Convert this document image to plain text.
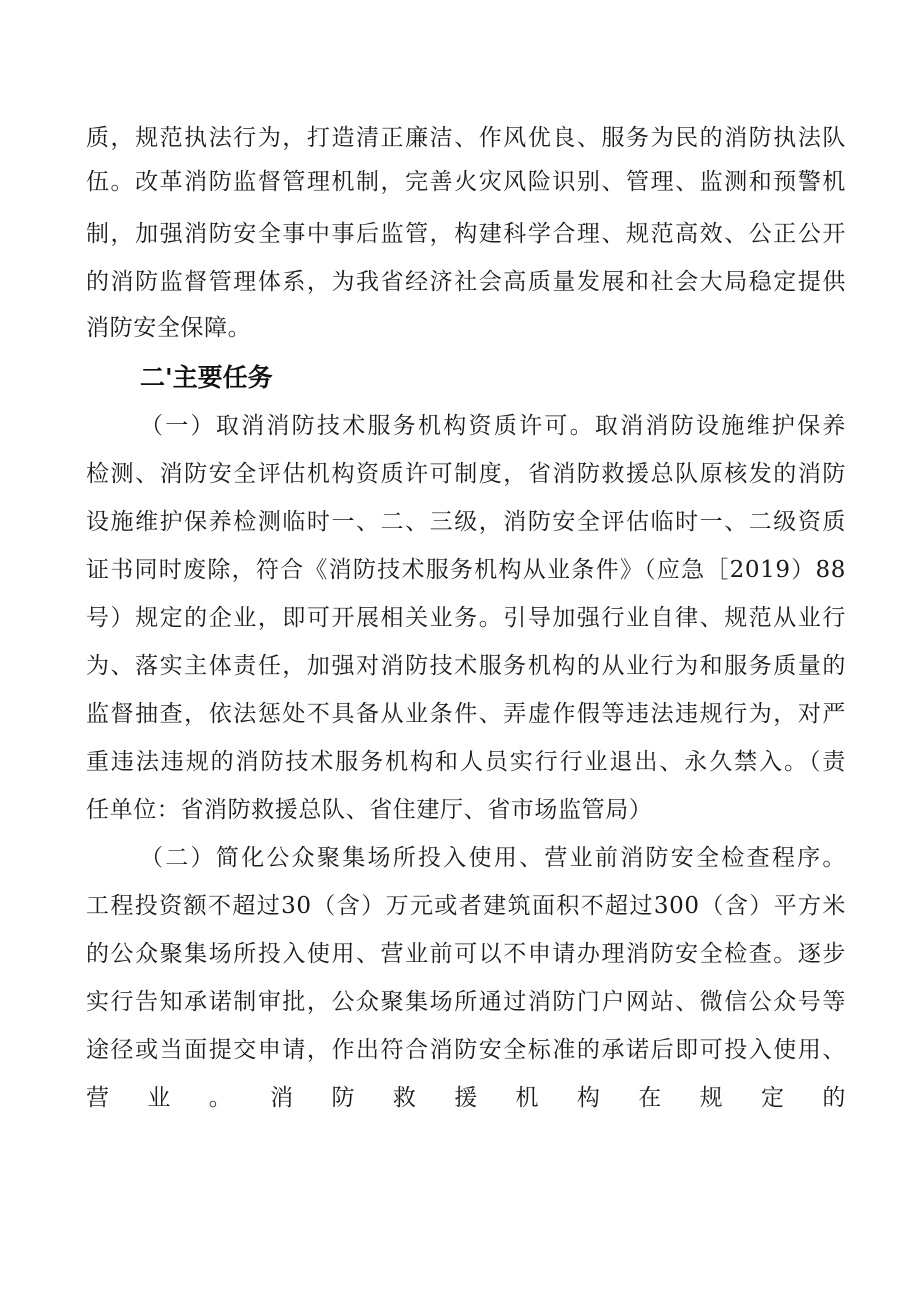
质，规范执法行为，打造清正廉洁、作风优良、服务为民的消防执法队
伍。改革消防监督管理机制，完善火灾风险识别、管理、监测和预警机
制，加强消防安全事中事后监管，构建科学合理、规范高效、公正公开
的消防监督管理体系，为我省经济社会高质量发展和社会大局稳定提供
消防安全保障。
二'主要任务
（一）取消消防技术服务机构资质许可。取消消防设施维护保养
检测、消防安全评估机构资质许可制度，省消防救援总队原核发的消防
设施维护保养检测临时一、二、三级，消防安全评估临时一、二级资质
证书同时废除，符合《消防技术服务机构从业条件》（应急［2019）88
号）规定的企业，即可开展相关业务。引导加强行业自律、规范从业行
为、落实主体责任，加强对消防技术服务机构的从业行为和服务质量的
监督抽查，依法惩处不具备从业条件、弄虚作假等违法违规行为，对严
重违法违规的消防技术服务机构和人员实行行业退出、永久禁入。（责
任单位：省消防救援总队、省住建厅、省市场监管局）
（二）简化公众聚集场所投入使用、营业前消防安全检查程序。
工程投资额不超过30（含）万元或者建筑面积不超过300（含）平方米
的公众聚集场所投入使用、营业前可以不申请办理消防安全检查。逐步
实行告知承诺制审批，公众聚集场所通过消防门户网站、微信公众号等
途径或当面提交申请，作出符合消防安全标准的承诺后即可投入使用、
营业。消防救援机构在规定的
